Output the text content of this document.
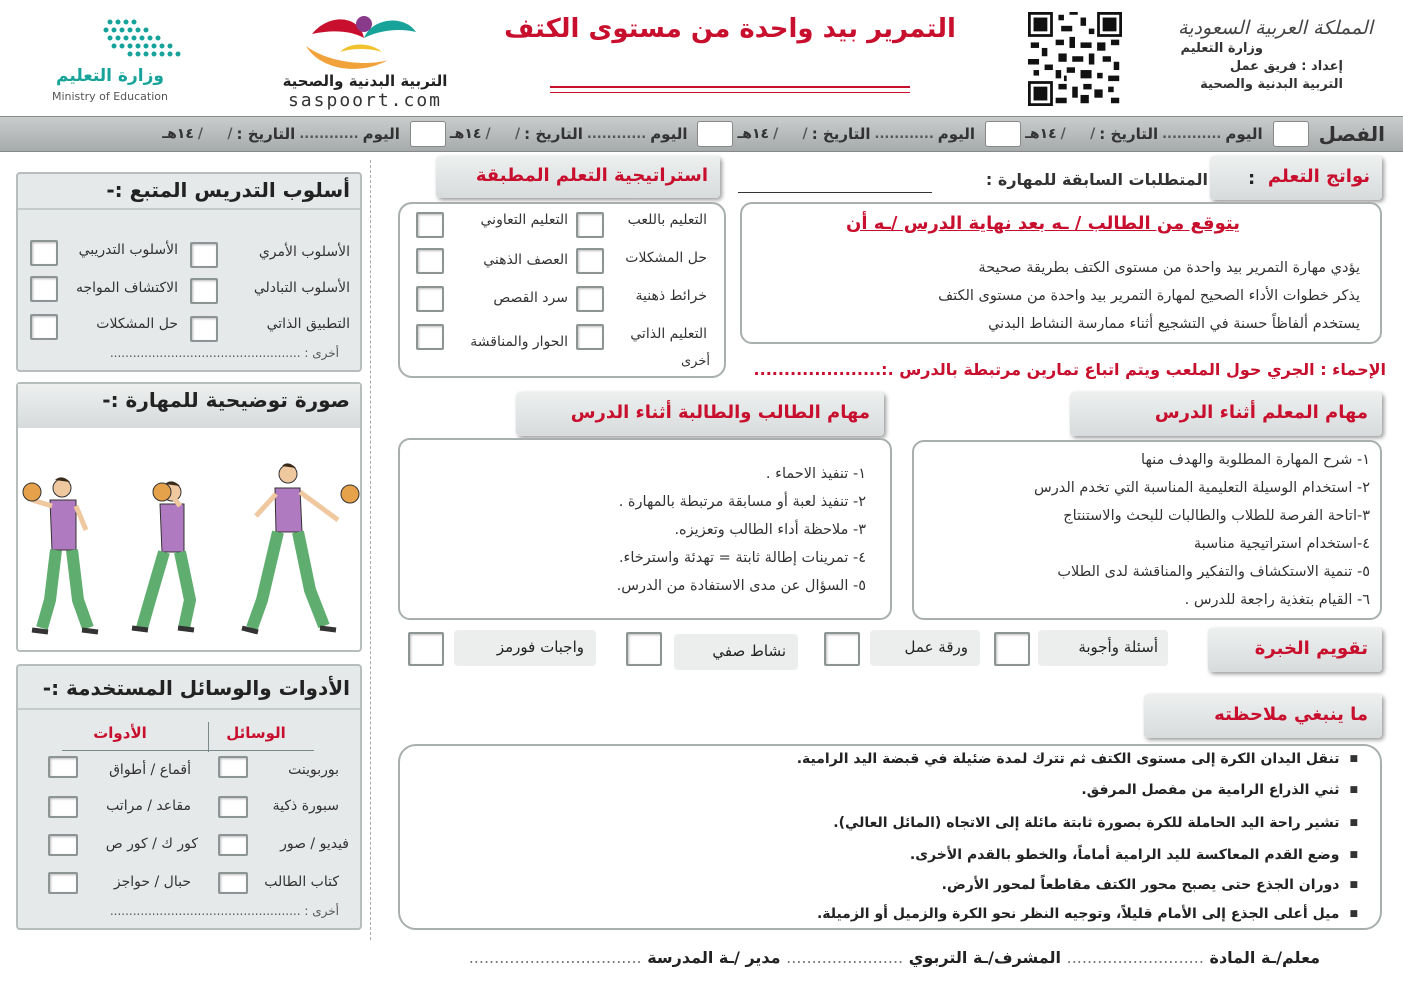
المملكة العربية السعودية
وزارة التعليم
إعداد : فريق عمل
التربية البدنية والصحية
التمرير بيد واحدة من مستوى الكتف
التربية البدنية والصحية
saspoort.com
وزارة التعليم
Ministry of Education
الفصل
اليوم
............
التاريخ :
/     /
١٤هـ
اليوم
............
التاريخ :
/     /
١٤هـ
اليوم
............
التاريخ :
/     /
١٤هـ
اليوم
............
التاريخ :
/     /
١٤هـ
نواتج التعلم
:
المتطلبات السابقة للمهارة :
يتوقع من الطالب / ـه بعد نهاية الدرس /ـه أن
يؤدي مهارة التمرير بيد واحدة من مستوى الكتف بطريقة صحيحة
يذكر خطوات الأداء الصحيح لمهارة التمرير بيد واحدة من مستوى الكتف
يستخدم ألفاظاً حسنة في التشجيع أثناء ممارسة النشاط البدني
استراتيجية التعلم المطبقة
التعليم باللعب
التعليم التعاوني
حل المشكلات
العصف الذهني
خرائط ذهنية
سرد القصص
التعليم الذاتي
الحوار والمناقشة
أخرى	الإحماء : الجري حول الملعب ويتم اتباع تمارين مرتبطة بالدرس .:.....................
مهام المعلم أثناء الدرس
١- شرح المهارة المطلوبة والهدف منها
٢- استخدام الوسيلة التعليمية المناسبة التي تخدم الدرس
٣-اتاحة الفرصة للطلاب والطالبات للبحث والاستنتاج
٤-استخدام استراتيجية مناسبة
٥- تنمية الاستكشاف والتفكير والمناقشة لدى الطلاب
٦- القيام بتغذية راجعة للدرس .
مهام الطالب والطالبة أثناء الدرس
١- تنفيذ الاحماء .
٢- تنفيذ لعبة أو مسابقة مرتبطة بالمهارة .
٣- ملاحظة أداء الطالب وتعزيزه.
٤- تمرينات إطالة ثابتة = تهدئة واسترخاء.
٥- السؤال عن مدى الاستفادة من الدرس.
تقويم الخبرة
أسئلة وأجوبة
ورقة عمل
نشاط صفي
واجبات فورمز
ما ينبغي ملاحظته
■ تنقل اليدان الكرة إلى مستوى الكتف ثم تترك لمدة ضئيلة في قبضة اليد الرامية.
■ ثني الذراع الرامية من مفصل المرفق.
■ تشير راحة اليد الحاملة للكرة بصورة ثابتة مائلة إلى الاتجاه (المائل العالي).
■ وضع القدم المعاكسة لليد الرامية أماماً، والخطو بالقدم الأخرى.
■ دوران الجذع حتى يصبح محور الكتف مقاطعاً لمحور الأرض.
■ ميل أعلى الجذع إلى الأمام قليلاً، وتوجيه النظر نحو الكرة والزميل أو الزميلة.
معلم/ـة المادة ........................... المشرف/ـة التربوي ....................... مدير /ـة المدرسة ..................................
أسلوب التدريس المتبع :-
الأسلوب الأمري
الأسلوب التدريبي
الأسلوب التبادلي
الاكتشاف المواجه
التطبيق الذاتي
حل المشكلات
أخرى : ..................................................
صورة توضيحية للمهارة :-
الأدوات والوسائل المستخدمة :-
الوسائل
الأدوات
بوربوينت
أقماع / أطواق
سبورة ذكية
مقاعد / مراتب
فيديو / صور
كور ك / كور ص
كتاب الطالب
حبال / حواجز
أخرى : ..................................................
